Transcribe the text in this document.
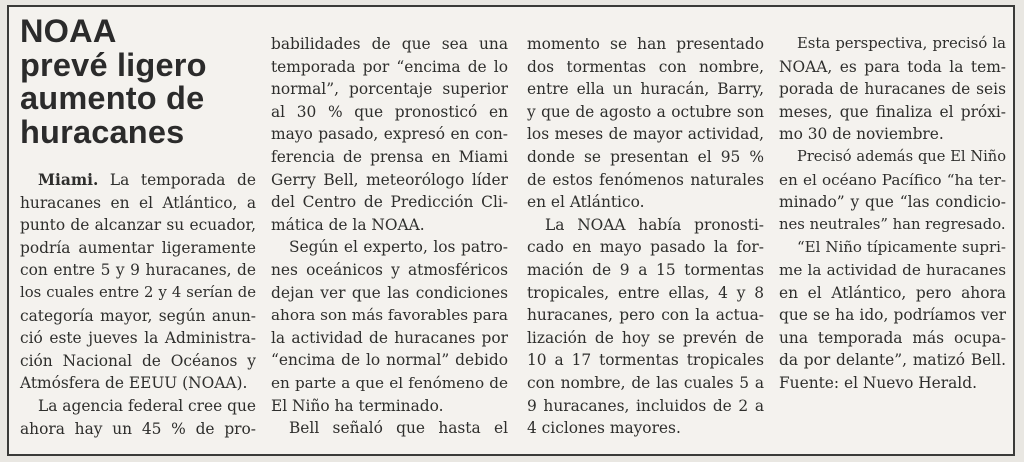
NOAA
prevé ligero
aumento de
huracanes
Miami. La temporada de
huracanes en el Atlántico, a
punto de alcanzar su ecuador,
podría aumentar ligeramente
con entre 5 y 9 huracanes, de
los cuales entre 2 y 4 serían de
categoría mayor, según anun-
ció este jueves la Administra-
ción Nacional de Océanos y
Atmósfera de EEUU (NOAA).
La agencia federal cree que
ahora hay un 45 % de pro-
babilidades de que sea una
temporada por “encima de lo
normal”, porcentaje superior
al 30 % que pronosticó en
mayo pasado, expresó en con-
ferencia de prensa en Miami
Gerry Bell, meteorólogo líder
del Centro de Predicción Cli-
mática de la NOAA.
Según el experto, los patro-
nes oceánicos y atmosféricos
dejan ver que las condiciones
ahora son más favorables para
la actividad de huracanes por
“encima de lo normal” debido
en parte a que el fenómeno de
El Niño ha terminado.
Bell señaló que hasta el
momento se han presentado
dos tormentas con nombre,
entre ella un huracán, Barry,
y que de agosto a octubre son
los meses de mayor actividad,
donde se presentan el 95 %
de estos fenómenos naturales
en el Atlántico.
La NOAA había pronosti-
cado en mayo pasado la for-
mación de 9 a 15 tormentas
tropicales, entre ellas, 4 y 8
huracanes, pero con la actua-
lización de hoy se prevén de
10 a 17 tormentas tropicales
con nombre, de las cuales 5 a
9 huracanes, incluidos de 2 a
4 ciclones mayores.
Esta perspectiva, precisó la
NOAA, es para toda la tem-
porada de huracanes de seis
meses, que finaliza el próxi-
mo 30 de noviembre.
Precisó además que El Niño
en el océano Pacífico “ha ter-
minado” y que “las condicio-
nes neutrales” han regresado.
“El Niño típicamente supri-
me la actividad de huracanes
en el Atlántico, pero ahora
que se ha ido, podríamos ver
una temporada más ocupa-
da por delante”, matizó Bell.
Fuente: el Nuevo Herald.
